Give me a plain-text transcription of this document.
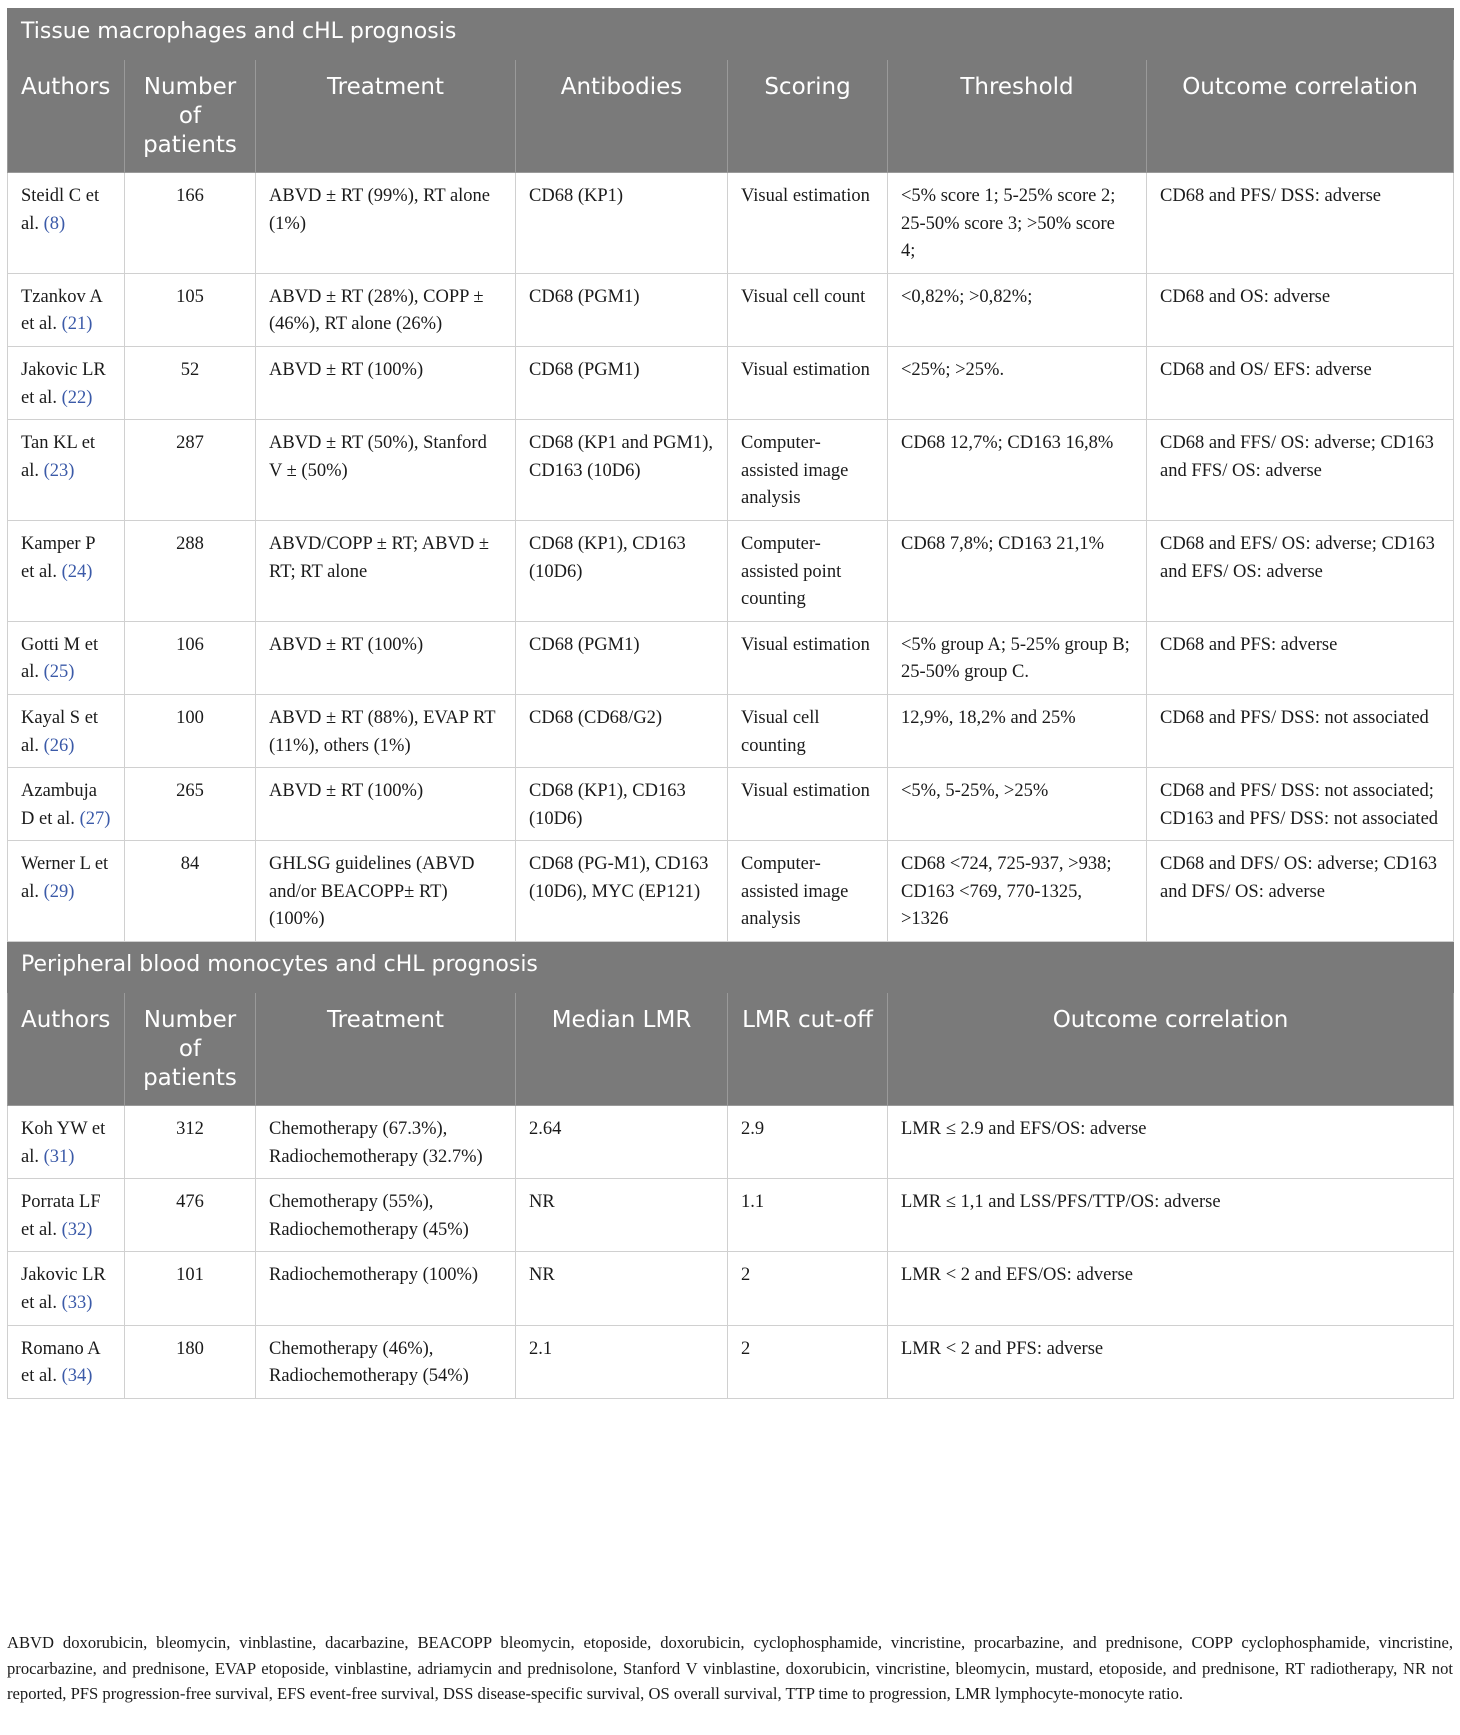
Tissue macrophages and cHL prognosis						
Authors	Number of patients	Treatment	Antibodies	Scoring	Threshold	Outcome correlation
Steidl C et al. (8)	166	ABVD ± RT (99%), RT alone (1%)	CD68 (KP1)	Visual estimation	<5% score 1; 5-25% score 2; 25-50% score 3; >50% score 4;	CD68 and PFS/ DSS: adverse
Tzankov A et al. (21)	105	ABVD ± RT (28%), COPP ± (46%), RT alone (26%)	CD68 (PGM1)	Visual cell count	<0,82%; >0,82%;	CD68 and OS: adverse
Jakovic LR et al. (22)	52	ABVD ± RT (100%)	CD68 (PGM1)	Visual estimation	<25%; >25%.	CD68 and OS/ EFS: adverse
Tan KL et al. (23)	287	ABVD ± RT (50%), Stanford V ± (50%)	CD68 (KP1 and PGM1), CD163 (10D6)	Computer-assisted image analysis	CD68 12,7%; CD163 16,8%	CD68 and FFS/ OS: adverse; CD163 and FFS/ OS: adverse
Kamper P et al. (24)	288	ABVD/COPP ± RT; ABVD ± RT; RT alone	CD68 (KP1), CD163 (10D6)	Computer-assisted point counting	CD68 7,8%; CD163 21,1%	CD68 and EFS/ OS: adverse; CD163 and EFS/ OS: adverse
Gotti M et al. (25)	106	ABVD ± RT (100%)	CD68 (PGM1)	Visual estimation	<5% group A; 5-25% group B; 25-50% group C.	CD68 and PFS: adverse
Kayal S et al. (26)	100	ABVD ± RT (88%), EVAP RT (11%), others (1%)	CD68 (CD68/G2)	Visual cell counting	12,9%, 18,2% and 25%	CD68 and PFS/ DSS: not associated
Azambuja D et al. (27)	265	ABVD ± RT (100%)	CD68 (KP1), CD163 (10D6)	Visual estimation	<5%, 5-25%, >25%	CD68 and PFS/ DSS: not associated; CD163 and PFS/ DSS: not associated
Werner L et al. (29)	84	GHLSG guidelines (ABVD and/or BEACOPP± RT) (100%)	CD68 (PG-M1), CD163 (10D6), MYC (EP121)	Computer-assisted image analysis	CD68 <724, 725-937, >938; CD163 <769, 770-1325, >1326	CD68 and DFS/ OS: adverse; CD163 and DFS/ OS: adverse
Peripheral blood monocytes and cHL prognosis						
Authors	Number of patients	Treatment	Median LMR	LMR cut-off	Outcome correlation	
Koh YW et al. (31)	312	Chemotherapy (67.3%), Radiochemotherapy (32.7%)	2.64	2.9	LMR ≤ 2.9 and EFS/OS: adverse	
Porrata LF et al. (32)	476	Chemotherapy (55%), Radiochemotherapy (45%)	NR	1.1	LMR ≤ 1,1 and LSS/PFS/TTP/OS: adverse	
Jakovic LR et al. (33)	101	Radiochemotherapy (100%)	NR	2	LMR < 2 and EFS/OS: adverse	
Romano A et al. (34)	180	Chemotherapy (46%), Radiochemotherapy (54%)	2.1	2	LMR < 2 and PFS: adverse	
ABVD doxorubicin, bleomycin, vinblastine, dacarbazine, BEACOPP bleomycin, etoposide, doxorubicin, cyclophosphamide, vincristine, procarbazine, and prednisone, COPP cyclophosphamide, vincristine, procarbazine, and prednisone, EVAP etoposide, vinblastine, adriamycin and prednisolone, Stanford V vinblastine, doxorubicin, vincristine, bleomycin, mustard, etoposide, and prednisone, RT radiotherapy, NR not reported, PFS progression-free survival, EFS event-free survival, DSS disease-specific survival, OS overall survival, TTP time to progression, LMR lymphocyte-monocyte ratio.
